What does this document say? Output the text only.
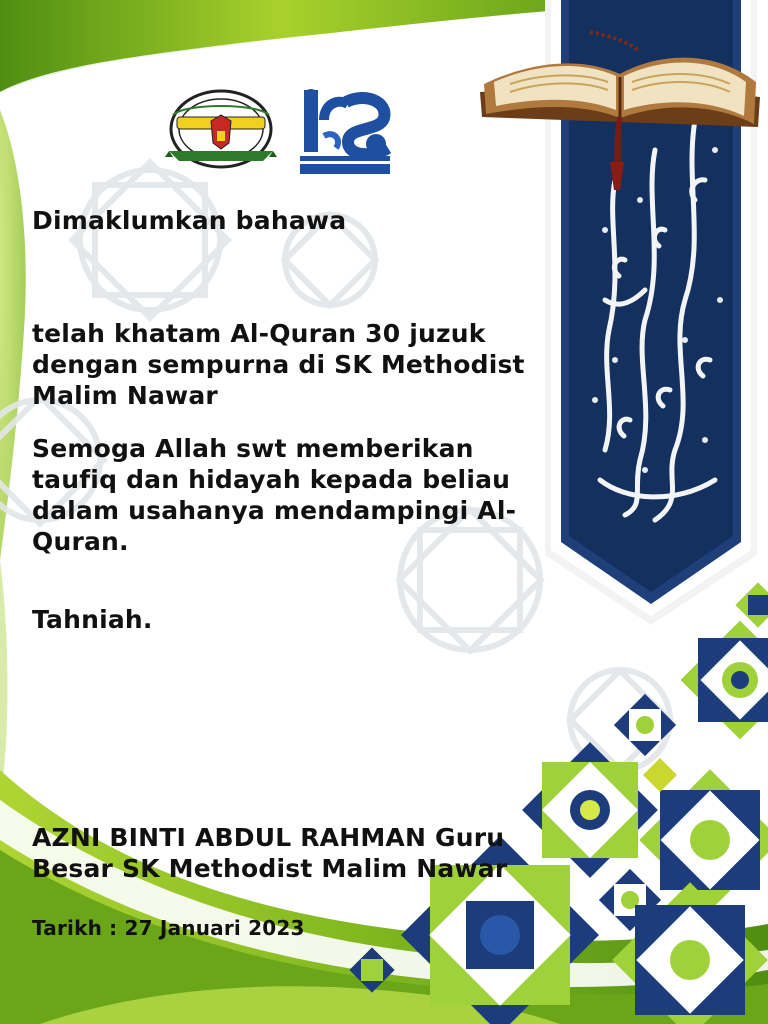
Dimaklumkan bahawa

telah khatam Al-Quran 30 juzuk dengan sempurna di SK Methodist Malim Nawar

Semoga Allah swt memberikan taufiq dan hidayah kepada beliau dalam usahanya mendampingi Al-Quran.

Tahniah.

AZNI BINTI ABDUL RAHMAN Guru Besar SK Methodist Malim Nawar

Tarikh : 27 Januari 2023
